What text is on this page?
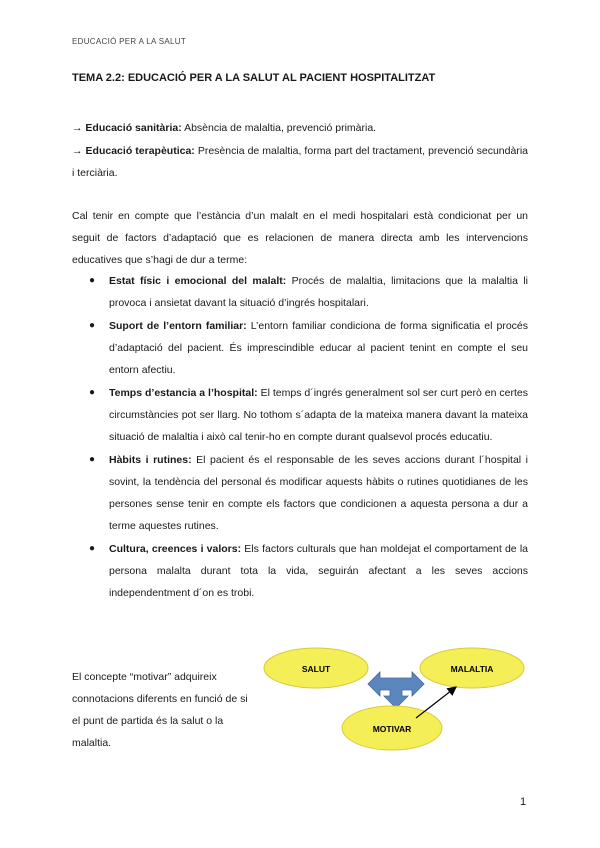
EDUCACIÓ PER A LA SALUT
TEMA 2.2: EDUCACIÓ PER A LA SALUT AL PACIENT HOSPITALITZAT

→ Educació sanitària: Absència de malaltia, prevenció primària.

→ Educació terapèutica: Presència de malaltia, forma part del tractament, prevenció secundària i terciària.

Cal tenir en compte que l’estància d’un malalt en el medi hospitalari està condicionat per un seguit de factors d’adaptació que es relacionen de manera directa amb les intervencions educatives que s’hagi de dur a terme:

● Estat físic i emocional del malalt: Procés de malaltia, limitacions que la malaltia li provoca i ansietat davant la situació d’ingrés hospitalari.
● Suport de l’entorn familiar: L’entorn familiar condiciona de forma significatia el procés d’adaptació del pacient. És imprescindible educar al pacient tenint en compte el seu entorn afectiu.
● Temps d’estancia a l’hospital: El temps d´ingrés generalment sol ser curt però en certes circumstàncies pot ser llarg. No tothom s´adapta de la mateixa manera davant la mateixa situació de malaltia i això cal tenir-ho en compte durant qualsevol procés educatiu.
● Hàbits i rutines: El pacient és el responsable de les seves accions durant l´hospital i sovint, la tendència del personal és modificar aquests hàbits o rutines quotidianes de les persones sense tenir en compte els factors que condicionen a aquesta persona a dur a terme aquestes rutines.
● Cultura, creences i valors: Els factors culturals que han moldejat el comportament de la persona malalta durant tota la vida, seguirán afectant a les seves accions independentment d´on es trobi.

El concepte “motivar” adquireix connotacions diferents en funció de si el punt de partida és la salut o la malaltia.

SALUT	MALALTIA
MOTIVAR
1
